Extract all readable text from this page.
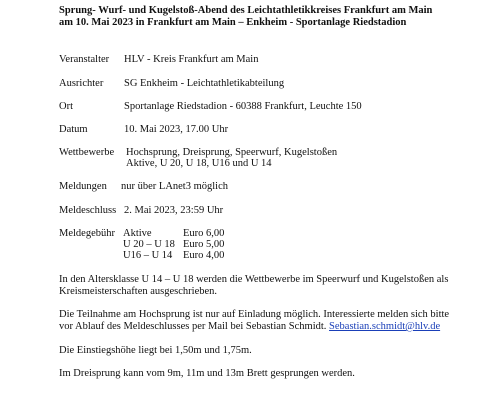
Sprung- Wurf- und Kugelstoß-Abend des Leichtathletikkreises Frankfurt am Main
am 10. Mai 2023 in Frankfurt am Main – Enkheim - Sportanlage Riedstadion
Veranstalter HLV - Kreis Frankfurt am Main
Ausrichter SG Enkheim - Leichtathletikabteilung
Ort	Sportanlage Riedstadion - 60388 Frankfurt, Leuchte 150
Datum	10. Mai 2023, 17.00 Uhr
Wettbewerbe Hochsprung, Dreisprung, Speerwurf, Kugelstoßen
Aktive, U 20, U 18, U16 und U 14
Meldungen nur über LAnet3 möglich
Meldeschluss 2. Mai 2023, 23:59 Uhr
Meldegebühr Aktive	Euro 6,00
U 20 – U 18 Euro 5,00
U16 – U 14 Euro 4,00
In den Altersklasse U 14 – U 18 werden die Wettbewerbe im Speerwurf und Kugelstoßen als
Kreismeisterschaften ausgeschrieben.
Die Teilnahme am Hochsprung ist nur auf Einladung möglich. Interessierte melden sich bitte
vor Ablauf des Meldeschlusses per Mail bei Sebastian Schmidt. Sebastian.schmidt@hlv.de
Die Einstiegshöhe liegt bei 1,50m und 1,75m.
Im Dreisprung kann vom 9m, 11m und 13m Brett gesprungen werden.
